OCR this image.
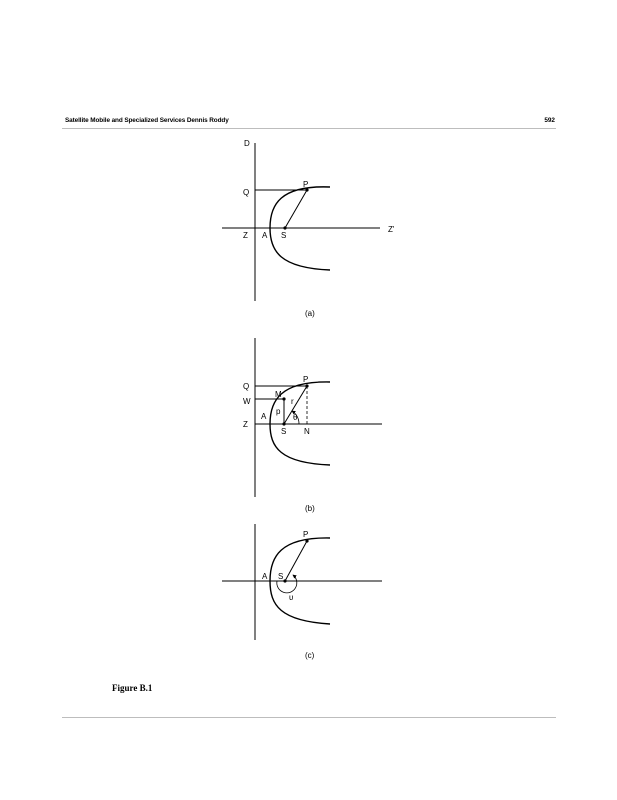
Satellite Mobile and Specialized Services Dennis Roddy	592
D
Q
P
Z A S
Z'
(a)
Q
P
M
W	r
p
A	θ
Z
S N
(b)
P
A S
υ
(c)
Figure B.1
